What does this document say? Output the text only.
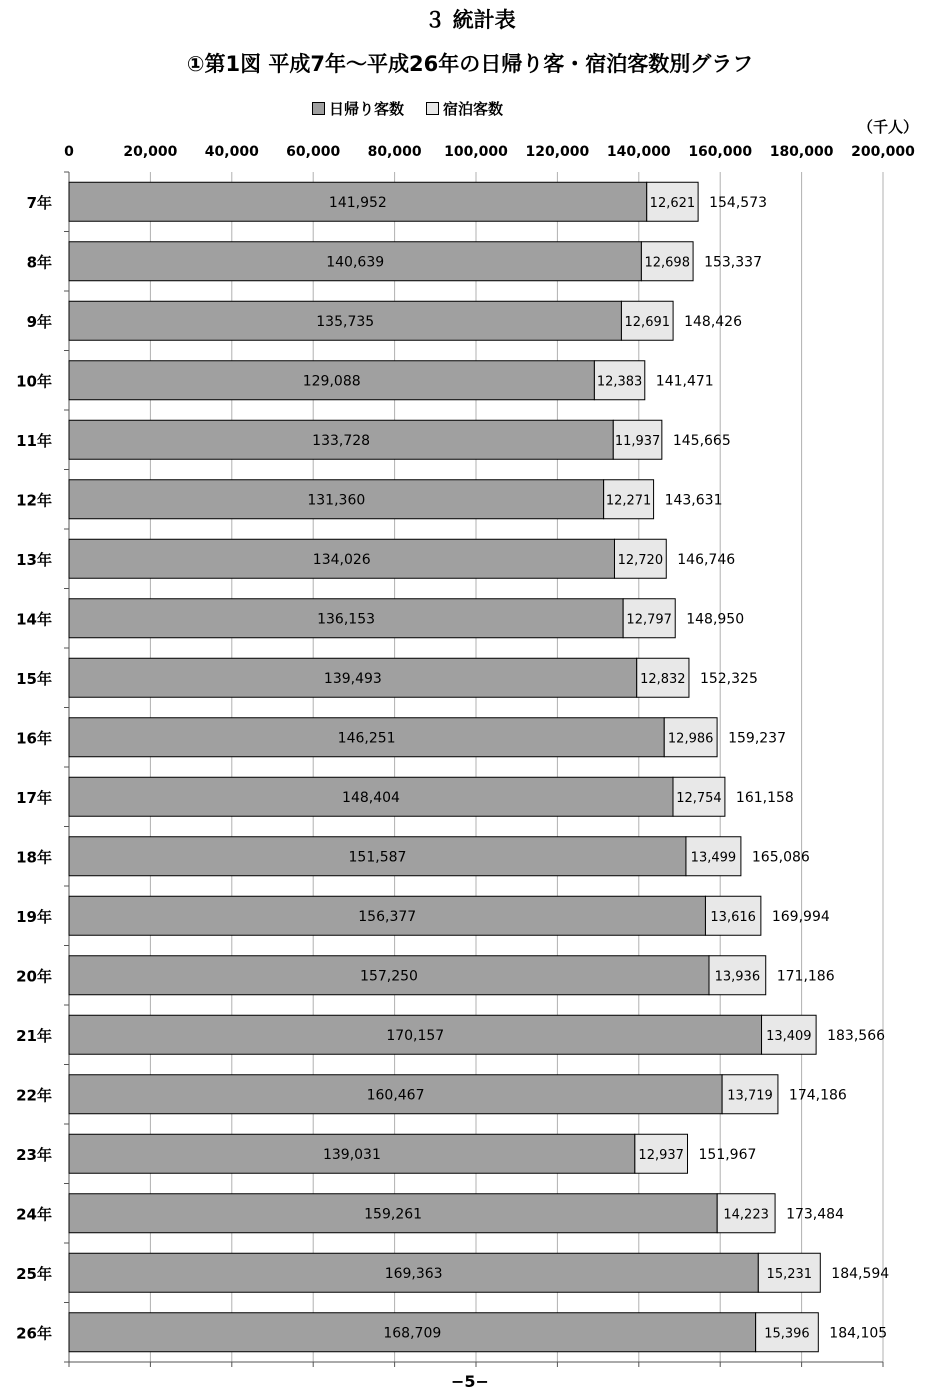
３ 統計表
①第1図 平成7年～平成26年の日帰り客・宿泊客数別グラフ
日帰り客数	宿泊客数
（千人）
0	20,000 40,000 60,000 80,000 100,000 120,000 140,000 160,000 180,000 200,000
7年	141,952	12,621 154,573
8年	140,639	12,698 153,337
9年	135,735	12,691 148,426
10年	129,088	12,383 141,471
11年	133,728	11,937 145,665
12年	131,360	12,271 143,631
13年	134,026	12,720 146,746
14年	136,153	12,797 148,950
15年	139,493	12,832 152,325
16年	146,251	12,986 159,237
17年	148,404	12,754 161,158
18年	151,587	13,499 165,086
19年	156,377	13,616 169,994
20年	157,250	13,936 171,186
21年	170,157	13,409 183,566
22年	160,467	13,719 174,186
23年	139,031	12,937 151,967
24年	159,261	14,223 173,484
25年	169,363	15,231 184,594
26年	168,709	15,396 184,105
−5−
